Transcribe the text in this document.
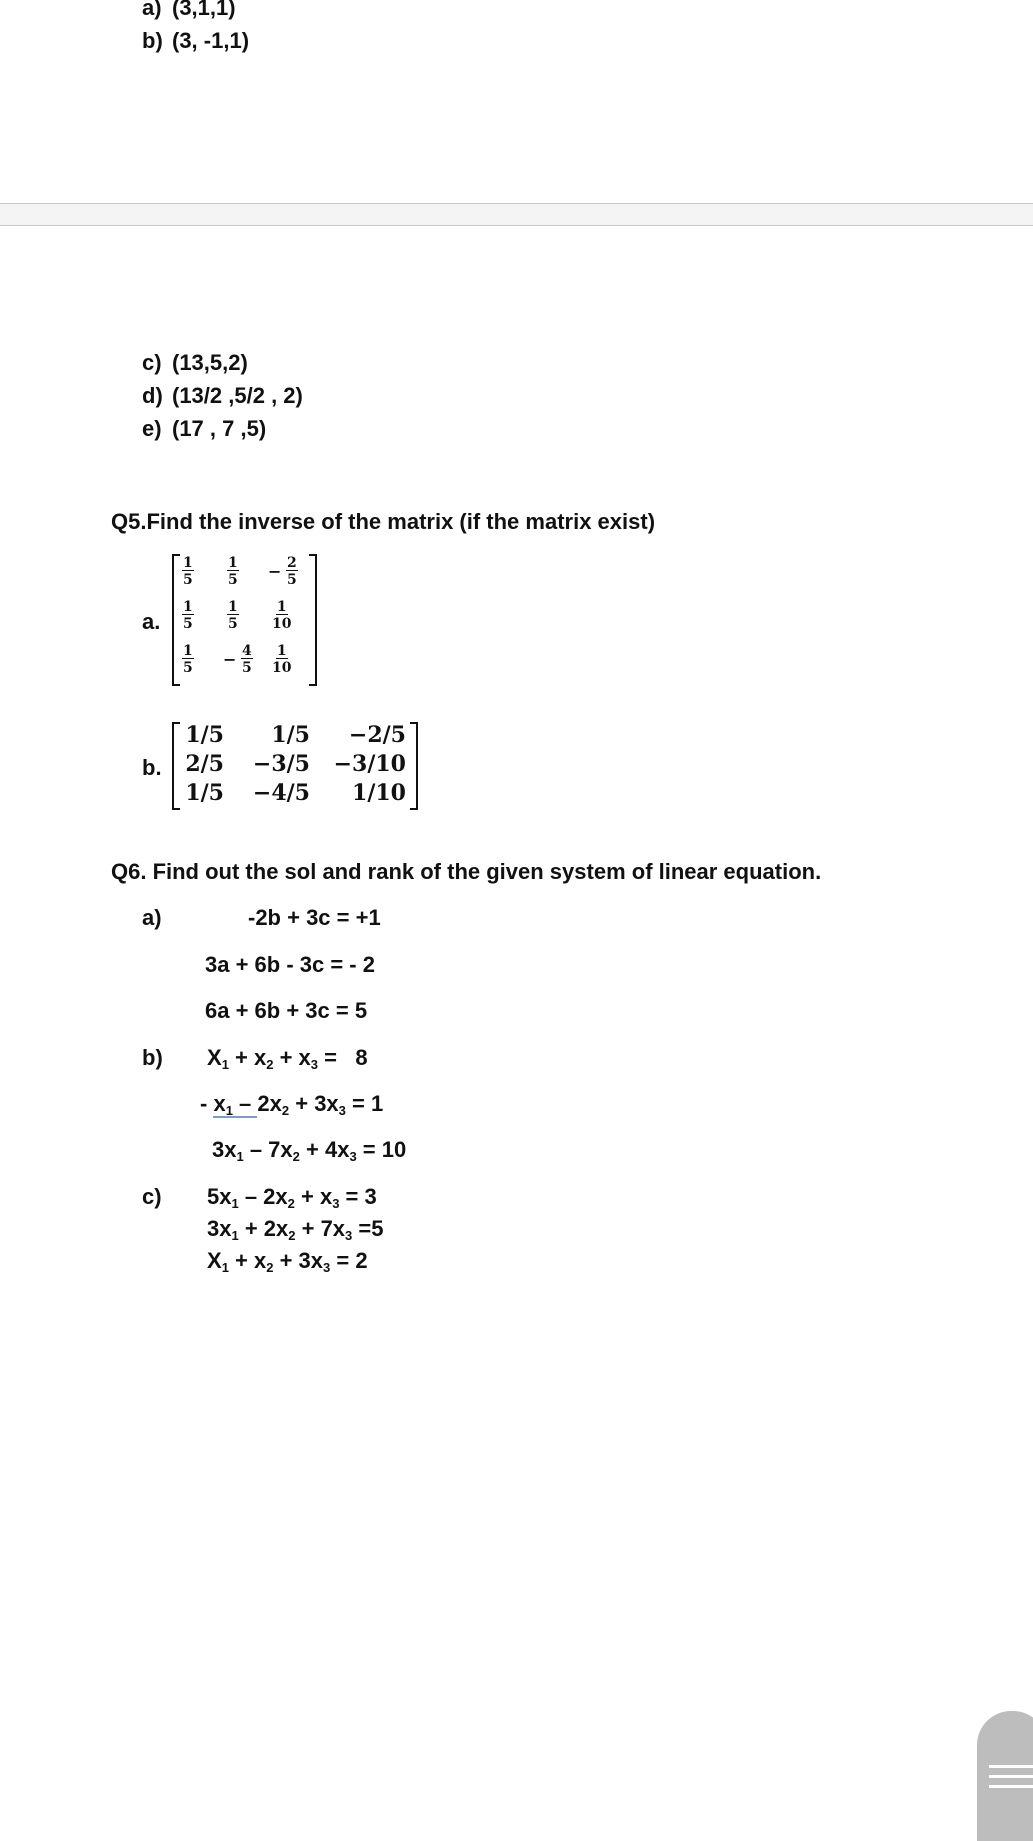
a) (3,1,1)
b) (3, -1,1)
c) (13,5,2)
d) (13/2 ,5/2 , 2)
e) (17 , 7 ,5)
Q5.Find the inverse of the matrix (if the matrix exist)
a.
$\frac{1}{5} \frac{1}{5} - \frac{2}{5}$
$\frac{1}{5} \frac{1}{5} \frac{1}{10}$
$\frac{1}{5} - \frac{4}{5} \frac{1}{10}$
b.
1/5 1/5 −2/5
2/5 −3/5 −3/10
1/5 −4/5 1/10
Q6. Find out the sol and rank of the given system of linear equation.
a)	-2b + 3c = +1
3a + 6b - 3c = - 2
6a + 6b + 3c = 5
b) $X_1 + x_2 + x_3 = 8$
- $x_1 - 2x_2 + 3x_3 = 1$
$3x_1 - 7x_2 + 4x_3 = 10$
c) $5x_1 - 2x_2 + x_3 = 3$
$3x_1 + 2x_2 + 7x_3 =5$
$X_1 + x_2 + 3x_3 = 2$
